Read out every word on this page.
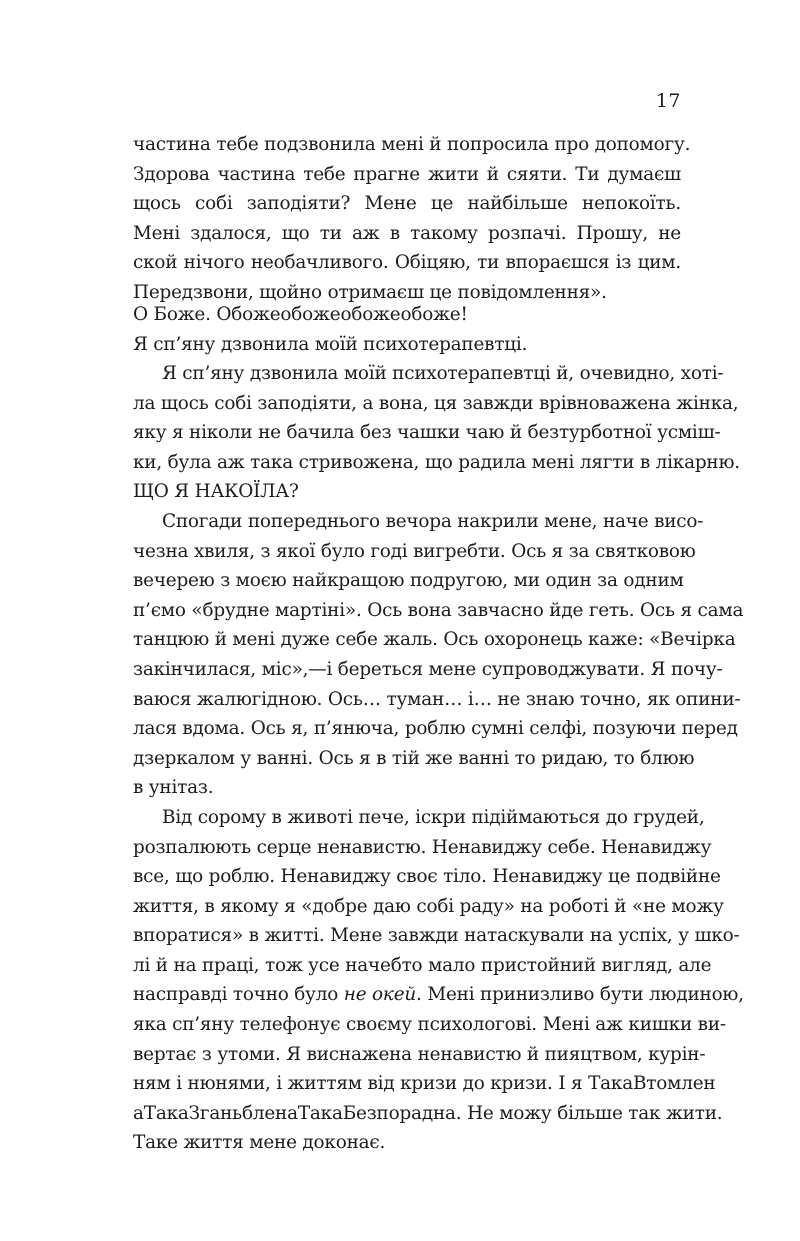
17
частина тебе подзвонила мені й попросила про допомогу.
Здорова частина тебе прагне жити й сяяти. Ти думаєш
щось собі заподіяти? Мене це найбільше непокоїть.
Мені здалося, що ти аж в такому розпачі. Прошу, не
ской нічого необачливого. Обіцяю, ти впораєшся із цим.
Передзвони, щойно отримаєш це повідомлення».
О Боже. Обожеобожеобожеобоже!
Я сп’яну дзвонила моїй психотерапевтці.
Я сп’яну дзвонила моїй психотерапевтці й, очевидно, хоті-
ла щось собі заподіяти, а вона, ця завжди врівноважена жінка,
яку я ніколи не бачила без чашки чаю й безтурботної усміш-
ки, була аж така стривожена, що радила мені лягти в лікарню.
ЩО Я НАКОЇЛА?
Спогади попереднього вечора накрили мене, наче висо-
чезна хвиля, з якої було годі вигребти. Ось я за святковою
вечерею з моєю найкращою подругою, ми один за одним
п’ємо «брудне мартіні». Ось вона завчасно йде геть. Ось я сама
танцюю й мені дуже себе жаль. Ось охоронець каже: «Вечірка
закінчилася, міс»,—і береться мене супроводжувати. Я почу-
ваюся жалюгідною. Ось… туман… і… не знаю точно, як опини-
лася вдома. Ось я, п’янюча, роблю сумні селфі, позуючи перед
дзеркалом у ванні. Ось я в тій же ванні то ридаю, то блюю
в унітаз.
Від сорому в животі пече, іскри підіймаються до грудей,
розпалюють серце ненавистю. Ненавиджу себе. Ненавиджу
все, що роблю. Ненавиджу своє тіло. Ненавиджу це подвійне
життя, в якому я «добре даю собі раду» на роботі й «не можу
впоратися» в житті. Мене завжди натаскували на успіх, у шко-
лі й на праці, тож усе начебто мало пристойний вигляд, але
насправді точно було не окей. Мені принизливо бути людиною,
яка сп’яну телефонує своєму психологові. Мені аж кишки ви-
вертає з утоми. Я виснажена ненавистю й пияцтвом, курін-
ням і нюнями, і життям від кризи до кризи. І я ТакаВтомлен
аТакаЗганьбленаТакаБезпорадна. Не можу більше так жити.
Таке життя мене доконає.
